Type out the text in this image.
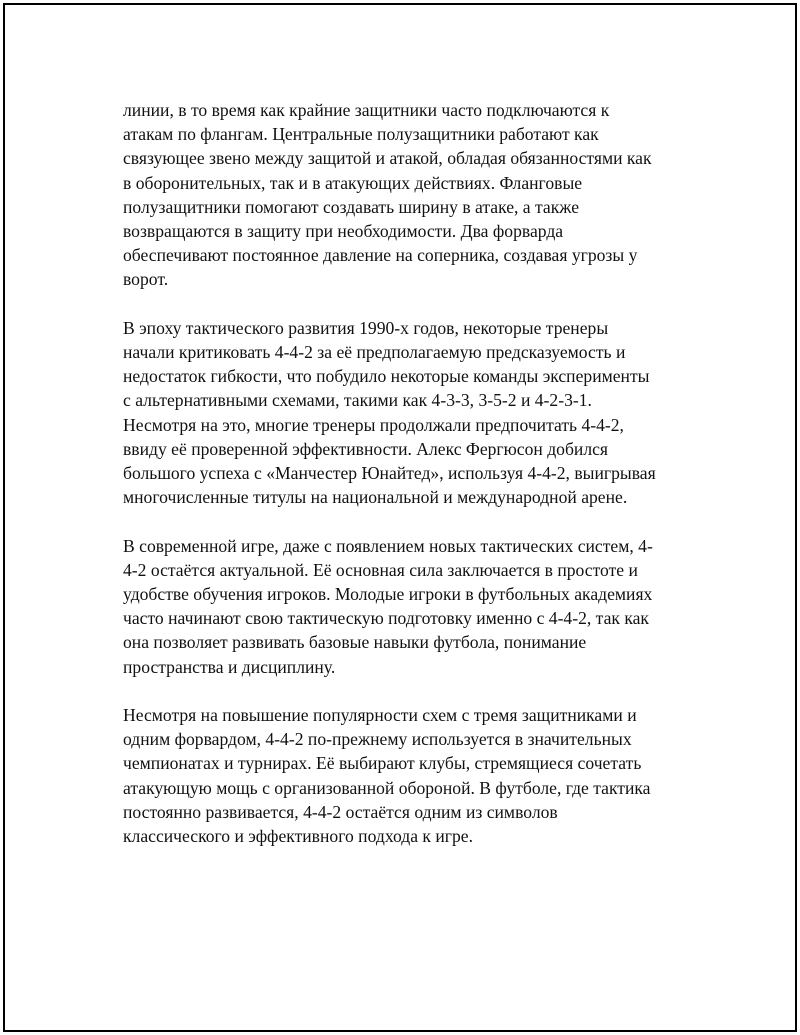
линии, в то время как крайние защитники часто подключаются к
атакам по флангам. Центральные полузащитники работают как
связующее звено между защитой и атакой, обладая обязанностями как
в оборонительных, так и в атакующих действиях. Фланговые
полузащитники помогают создавать ширину в атаке, а также
возвращаются в защиту при необходимости. Два форварда
обеспечивают постоянное давление на соперника, создавая угрозы у
ворот.

В эпоху тактического развития 1990-х годов, некоторые тренеры
начали критиковать 4-4-2 за её предполагаемую предсказуемость и
недостаток гибкости, что побудило некоторые команды эксперименты
с альтернативными схемами, такими как 4-3-3, 3-5-2 и 4-2-3-1.
Несмотря на это, многие тренеры продолжали предпочитать 4-4-2,
ввиду её проверенной эффективности. Алекс Фергюсон добился
большого успеха с «Манчестер Юнайтед», используя 4-4-2, выигрывая
многочисленные титулы на национальной и международной арене.

В современной игре, даже с появлением новых тактических систем, 4-
4-2 остаётся актуальной. Её основная сила заключается в простоте и
удобстве обучения игроков. Молодые игроки в футбольных академиях
часто начинают свою тактическую подготовку именно с 4-4-2, так как
она позволяет развивать базовые навыки футбола, понимание
пространства и дисциплину.

Несмотря на повышение популярности схем с тремя защитниками и
одним форвардом, 4-4-2 по-прежнему используется в значительных
чемпионатах и турнирах. Её выбирают клубы, стремящиеся сочетать
атакующую мощь с организованной обороной. В футболе, где тактика
постоянно развивается, 4-4-2 остаётся одним из символов
классического и эффективного подхода к игре.
